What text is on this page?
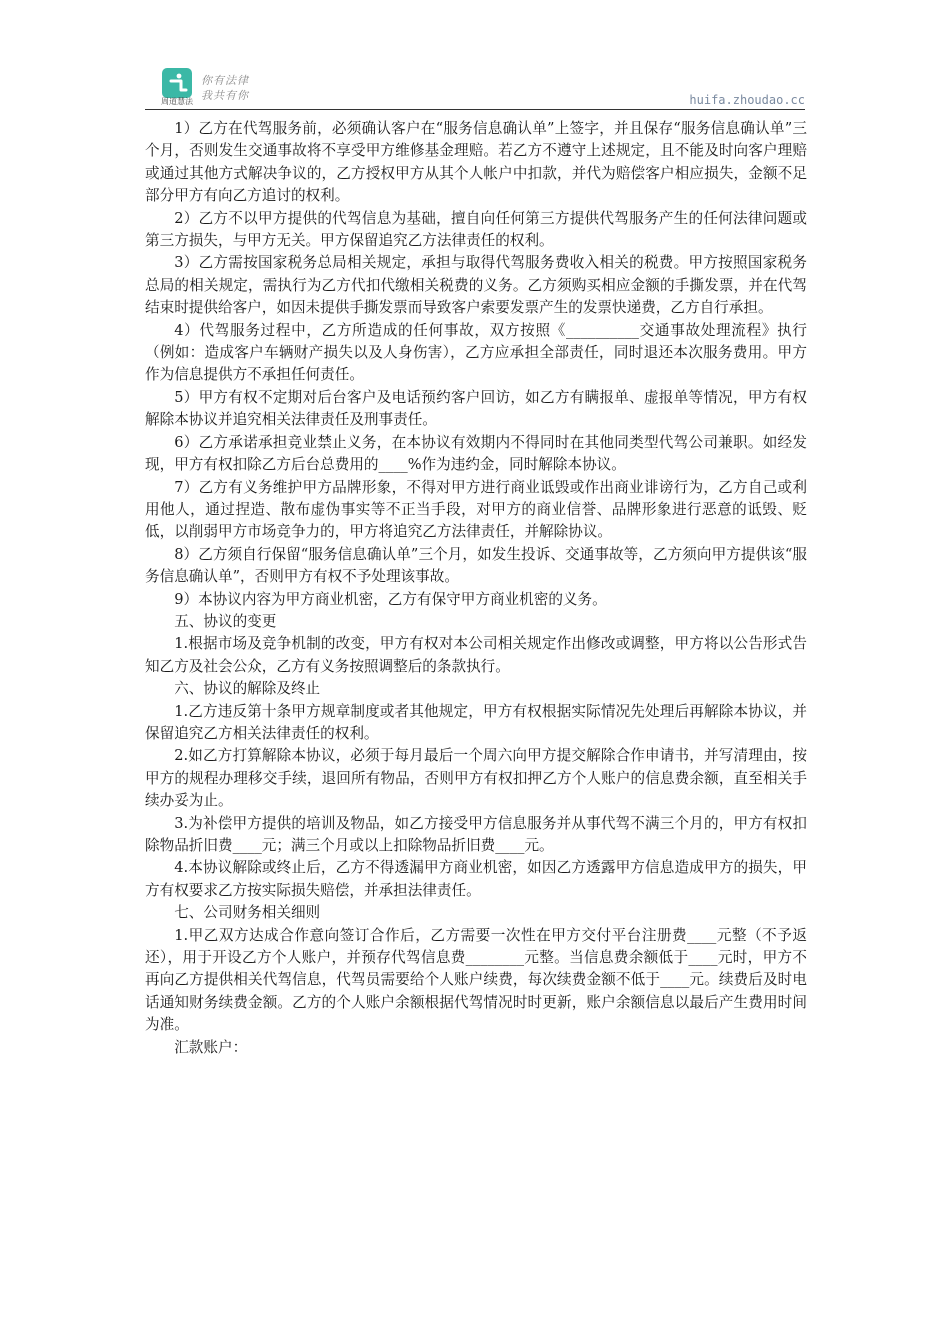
周道慧法
你有法律
我共有你	huifa.zhoudao.cc

1）乙方在代驾服务前，必须确认客户在“服务信息确认单”上签字，并且保存“服务信息确认单”三个月，否则发生交通事故将不享受甲方维修基金理赔。若乙方不遵守上述规定，且不能及时向客户理赔或通过其他方式解决争议的，乙方授权甲方从其个人帐户中扣款，并代为赔偿客户相应损失，金额不足部分甲方有向乙方追讨的权利。

2）乙方不以甲方提供的代驾信息为基础，擅自向任何第三方提供代驾服务产生的任何法律问题或第三方损失，与甲方无关。甲方保留追究乙方法律责任的权利。

3）乙方需按国家税务总局相关规定，承担与取得代驾服务费收入相关的税费。甲方按照国家税务总局的相关规定，需执行为乙方代扣代缴相关税费的义务。乙方须购买相应金额的手撕发票，并在代驾结束时提供给客户，如因未提供手撕发票而导致客户索要发票产生的发票快递费，乙方自行承担。

4）代驾服务过程中，乙方所造成的任何事故，双方按照《__________交通事故处理流程》执行（例如：造成客户车辆财产损失以及人身伤害），乙方应承担全部责任，同时退还本次服务费用。甲方作为信息提供方不承担任何责任。

5）甲方有权不定期对后台客户及电话预约客户回访，如乙方有瞒报单、虚报单等情况，甲方有权解除本协议并追究相关法律责任及刑事责任。

6）乙方承诺承担竞业禁止义务，在本协议有效期内不得同时在其他同类型代驾公司兼职。如经发现，甲方有权扣除乙方后台总费用的____%作为违约金，同时解除本协议。

7）乙方有义务维护甲方品牌形象，不得对甲方进行商业诋毁或作出商业诽谤行为，乙方自己或利用他人，通过捏造、散布虚伪事实等不正当手段，对甲方的商业信誉、品牌形象进行恶意的诋毁、贬低，以削弱甲方市场竞争力的，甲方将追究乙方法律责任，并解除协议。

8）乙方须自行保留“服务信息确认单”三个月，如发生投诉、交通事故等，乙方须向甲方提供该“服务信息确认单”，否则甲方有权不予处理该事故。

9）本协议内容为甲方商业机密，乙方有保守甲方商业机密的义务。

五、协议的变更

1.根据市场及竞争机制的改变，甲方有权对本公司相关规定作出修改或调整，甲方将以公告形式告知乙方及社会公众，乙方有义务按照调整后的条款执行。

六、协议的解除及终止

1.乙方违反第十条甲方规章制度或者其他规定，甲方有权根据实际情况先处理后再解除本协议，并保留追究乙方相关法律责任的权利。

2.如乙方打算解除本协议，必须于每月最后一个周六向甲方提交解除合作申请书，并写清理由，按甲方的规程办理移交手续，退回所有物品，否则甲方有权扣押乙方个人账户的信息费余额，直至相关手续办妥为止。

3.为补偿甲方提供的培训及物品，如乙方接受甲方信息服务并从事代驾不满三个月的，甲方有权扣除物品折旧费____元；满三个月或以上扣除物品折旧费____元。

4.本协议解除或终止后，乙方不得透漏甲方商业机密，如因乙方透露甲方信息造成甲方的损失，甲方有权要求乙方按实际损失赔偿，并承担法律责任。

七、公司财务相关细则

1.甲乙双方达成合作意向签订合作后，乙方需要一次性在甲方交付平台注册费____元整（不予返还），用于开设乙方个人账户，并预存代驾信息费________元整。当信息费余额低于____元时，甲方不再向乙方提供相关代驾信息，代驾员需要给个人账户续费，每次续费金额不低于____元。续费后及时电话通知财务续费金额。乙方的个人账户余额根据代驾情况时时更新，账户余额信息以最后产生费用时间为准。

汇款账户：
